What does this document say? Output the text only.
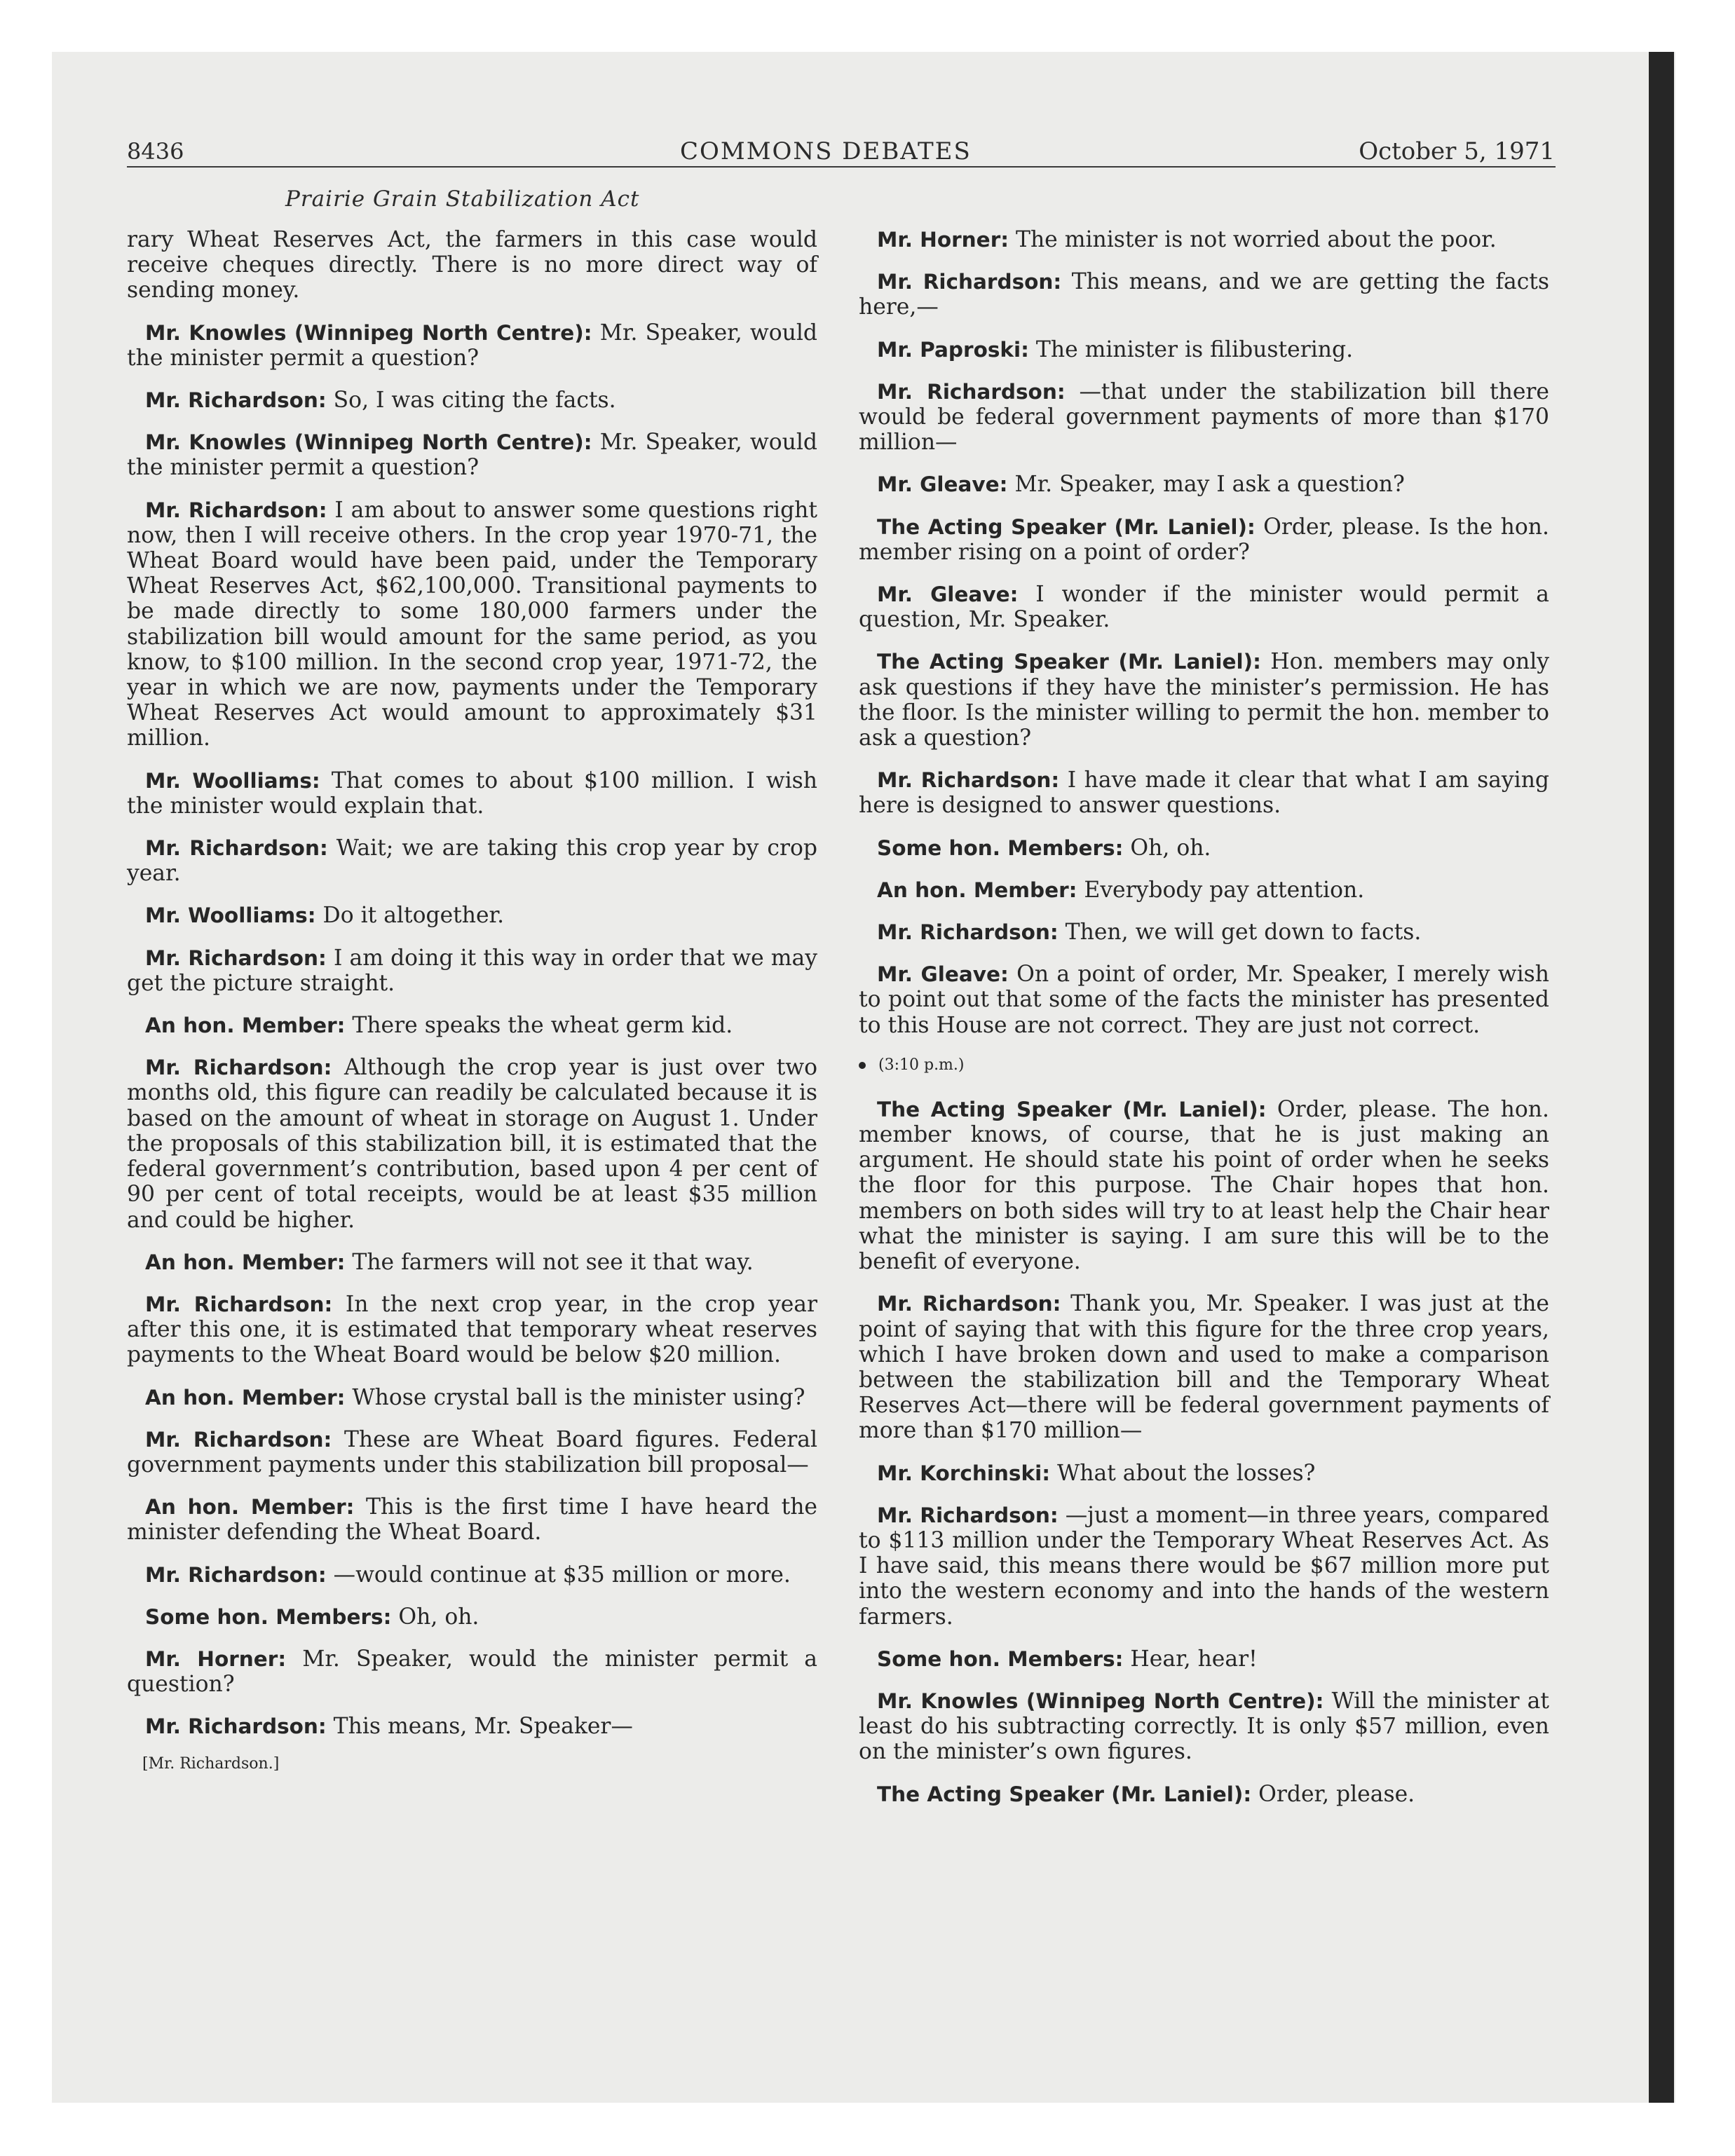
8436	COMMONS DEBATES	October 5, 1971
Prairie Grain Stabilization Act

rary Wheat Reserves Act, the farmers in this case would receive cheques directly. There is no more direct way of sending money.

Mr. Knowles (Winnipeg North Centre): Mr. Speaker, would the minister permit a question?

Mr. Richardson: So, I was citing the facts.

Mr. Knowles (Winnipeg North Centre): Mr. Speaker, would the minister permit a question?

Mr. Richardson: I am about to answer some questions right now, then I will receive others. In the crop year 1970-71, the Wheat Board would have been paid, under the Temporary Wheat Reserves Act, $62,100,000. Transitional payments to be made directly to some 180,000 farmers under the stabilization bill would amount for the same period, as you know, to $100 million. In the second crop year, 1971-72, the year in which we are now, payments under the Temporary Wheat Reserves Act would amount to approximately $31 million.

Mr. Woolliams: That comes to about $100 million. I wish the minister would explain that.

Mr. Richardson: Wait; we are taking this crop year by crop year.

Mr. Woolliams: Do it altogether.

Mr. Richardson: I am doing it this way in order that we may get the picture straight.

An hon. Member: There speaks the wheat germ kid.

Mr. Richardson: Although the crop year is just over two months old, this figure can readily be calculated because it is based on the amount of wheat in storage on August 1. Under the proposals of this stabilization bill, it is estimated that the federal government’s contribution, based upon 4 per cent of 90 per cent of total receipts, would be at least $35 million and could be higher.

An hon. Member: The farmers will not see it that way.

Mr. Richardson: In the next crop year, in the crop year after this one, it is estimated that temporary wheat reserves payments to the Wheat Board would be below $20 million.

An hon. Member: Whose crystal ball is the minister using?

Mr. Richardson: These are Wheat Board figures. Federal government payments under this stabilization bill proposal—

An hon. Member: This is the first time I have heard the minister defending the Wheat Board.

Mr. Richardson: —would continue at $35 million or more.

Some hon. Members: Oh, oh.

Mr. Horner: Mr. Speaker, would the minister permit a question?

Mr. Richardson: This means, Mr. Speaker—

[Mr. Richardson.]

Mr. Horner: The minister is not worried about the poor.

Mr. Richardson: This means, and we are getting the facts here,—

Mr. Paproski: The minister is filibustering.

Mr. Richardson: —that under the stabilization bill there would be federal government payments of more than $170 million—

Mr. Gleave: Mr. Speaker, may I ask a question?

The Acting Speaker (Mr. Laniel): Order, please. Is the hon. member rising on a point of order?

Mr. Gleave: I wonder if the minister would permit a question, Mr. Speaker.

The Acting Speaker (Mr. Laniel): Hon. members may only ask questions if they have the minister’s permission. He has the floor. Is the minister willing to permit the hon. member to ask a question?

Mr. Richardson: I have made it clear that what I am saying here is designed to answer questions.

Some hon. Members: Oh, oh.

An hon. Member: Everybody pay attention.

Mr. Richardson: Then, we will get down to facts.

Mr. Gleave: On a point of order, Mr. Speaker, I merely wish to point out that some of the facts the minister has presented to this House are not correct. They are just not correct.

(3:10 p.m.)

The Acting Speaker (Mr. Laniel): Order, please. The hon. member knows, of course, that he is just making an argument. He should state his point of order when he seeks the floor for this purpose. The Chair hopes that hon. members on both sides will try to at least help the Chair hear what the minister is saying. I am sure this will be to the benefit of everyone.

Mr. Richardson: Thank you, Mr. Speaker. I was just at the point of saying that with this figure for the three crop years, which I have broken down and used to make a comparison between the stabilization bill and the Temporary Wheat Reserves Act—there will be federal government payments of more than $170 million—

Mr. Korchinski: What about the losses?

Mr. Richardson: —just a moment—in three years, compared to $113 million under the Temporary Wheat Reserves Act. As I have said, this means there would be $67 million more put into the western economy and into the hands of the western farmers.

Some hon. Members: Hear, hear!

Mr. Knowles (Winnipeg North Centre): Will the minister at least do his subtracting correctly. It is only $57 million, even on the minister’s own figures.

The Acting Speaker (Mr. Laniel): Order, please.
